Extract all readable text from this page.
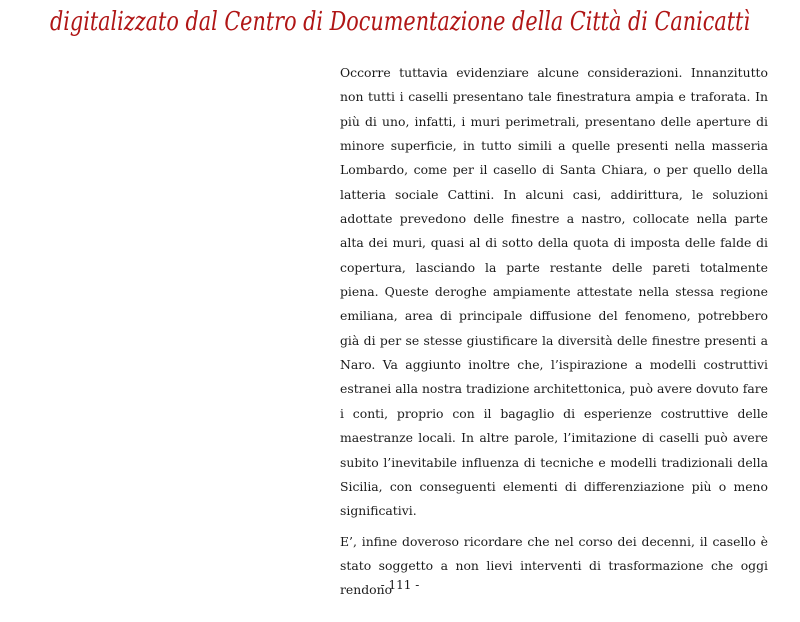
digitalizzato dal Centro di Documentazione della Città di Canicattì

Occorre tuttavia evidenziare alcune considerazioni. Innanzitutto non tutti i caselli presentano tale finestratura ampia e traforata. In più di uno, infatti, i muri perimetrali, presentano delle aperture di minore superficie, in tutto simili a quelle presenti nella masseria Lombardo, come per il casello di Santa Chiara, o per quello della latteria sociale Cattini. In alcuni casi, addirittura, le soluzioni adottate prevedono delle finestre a nastro, collocate nella parte alta dei muri, quasi al di sotto della quota di imposta delle falde di copertura, lasciando la parte restante delle pareti totalmente piena. Queste deroghe ampiamente attestate nella stessa regione emiliana, area di principale diffusione del fenomeno, potrebbero già di per se stesse giustificare la diversità delle finestre presenti a Naro. Va aggiunto inoltre che, l’ispirazione a modelli costruttivi estranei alla nostra tradizione architettonica, può avere dovuto fare i conti, proprio con il bagaglio di esperienze costruttive delle maestranze locali. In altre parole, l’imitazione di caselli può avere subito l’inevitabile influenza di tecniche e modelli tradizionali della Sicilia, con conseguenti elementi di differenziazione più o meno significativi.

E’, infine doveroso ricordare che nel corso dei decenni, il casello è stato soggetto a non lievi interventi di trasformazione che oggi rendono

- 111 -
